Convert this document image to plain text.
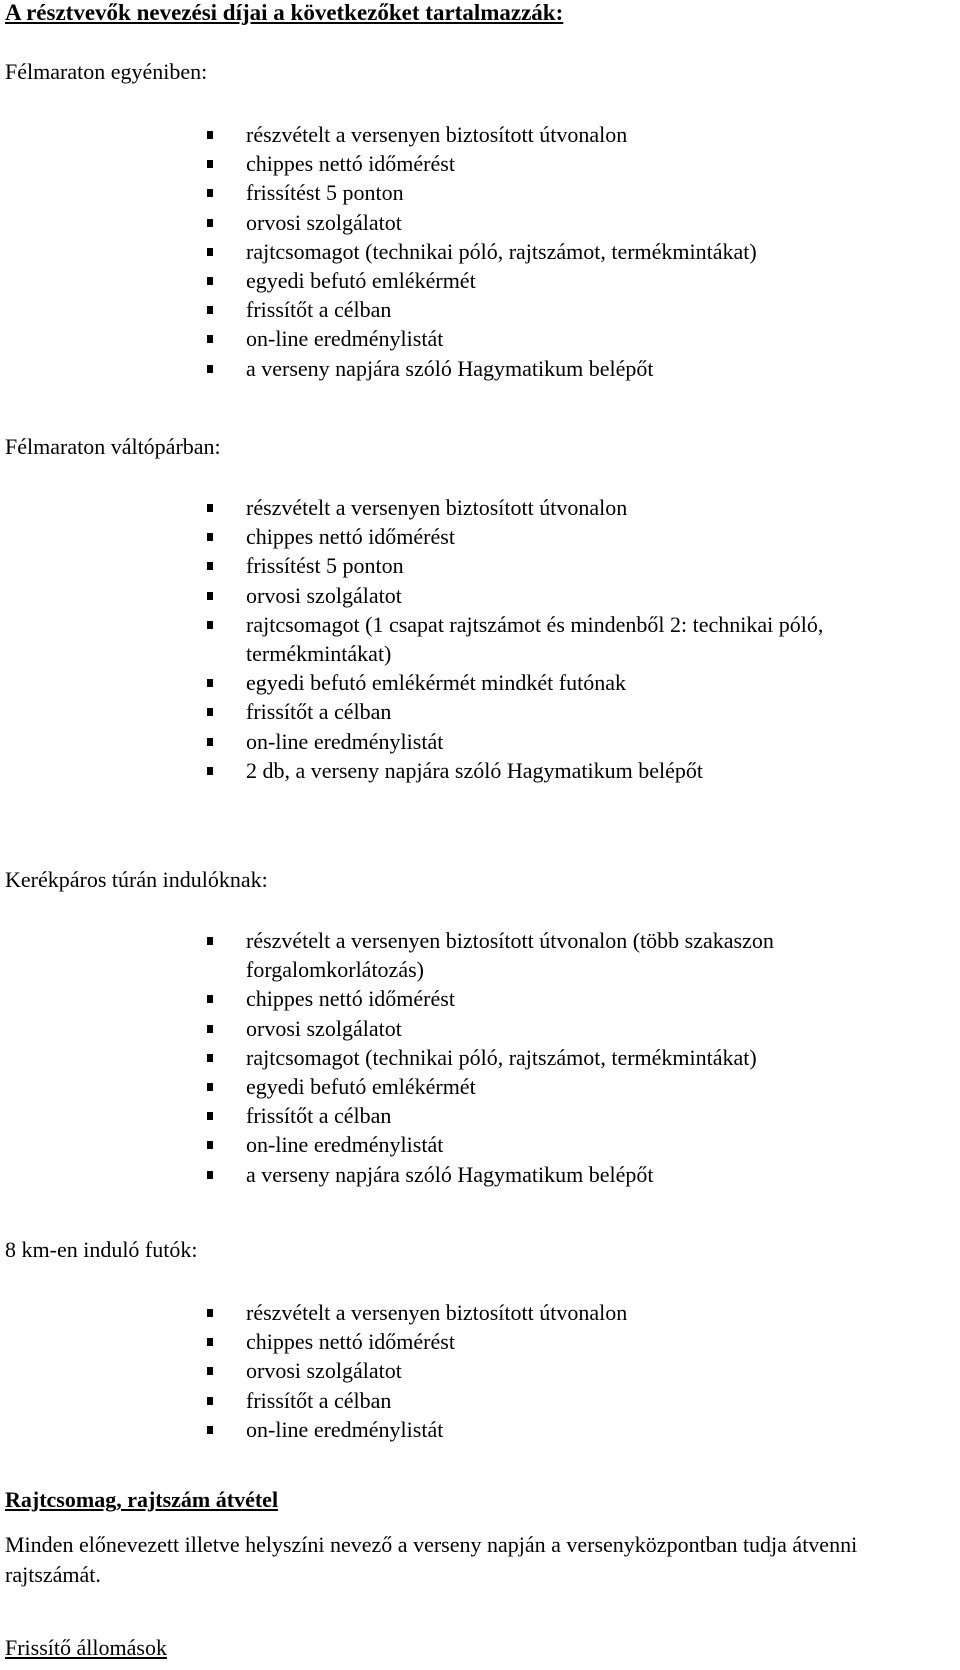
A résztvevők nevezési díjai a következőket tartalmazzák:
Félmaraton egyéniben:
részvételt a versenyen biztosított útvonalon
chippes nettó időmérést
frissítést 5 ponton
orvosi szolgálatot
rajtcsomagot (technikai póló, rajtszámot, termékmintákat)
egyedi befutó emlékérmét
frissítőt a célban
on-line eredménylistát
a verseny napjára szóló Hagymatikum belépőt
Félmaraton váltópárban:
részvételt a versenyen biztosított útvonalon
chippes nettó időmérést
frissítést 5 ponton
orvosi szolgálatot
rajtcsomagot (1 csapat rajtszámot és mindenből 2: technikai póló, termékmintákat)
egyedi befutó emlékérmét mindkét futónak
frissítőt a célban
on-line eredménylistát
2 db, a verseny napjára szóló Hagymatikum belépőt
Kerékpáros túrán indulóknak:
részvételt a versenyen biztosított útvonalon (több szakaszon forgalomkorlátozás)
chippes nettó időmérést
orvosi szolgálatot
rajtcsomagot (technikai póló, rajtszámot, termékmintákat)
egyedi befutó emlékérmét
frissítőt a célban
on-line eredménylistát
a verseny napjára szóló Hagymatikum belépőt
8 km-en induló futók:
részvételt a versenyen biztosított útvonalon
chippes nettó időmérést
orvosi szolgálatot
frissítőt a célban
on-line eredménylistát
Rajtcsomag, rajtszám átvétel

Minden előnevezett illetve helyszíni nevező a verseny napján a versenyközpontban tudja átvenni rajtszámát.

Frissítő állomások
